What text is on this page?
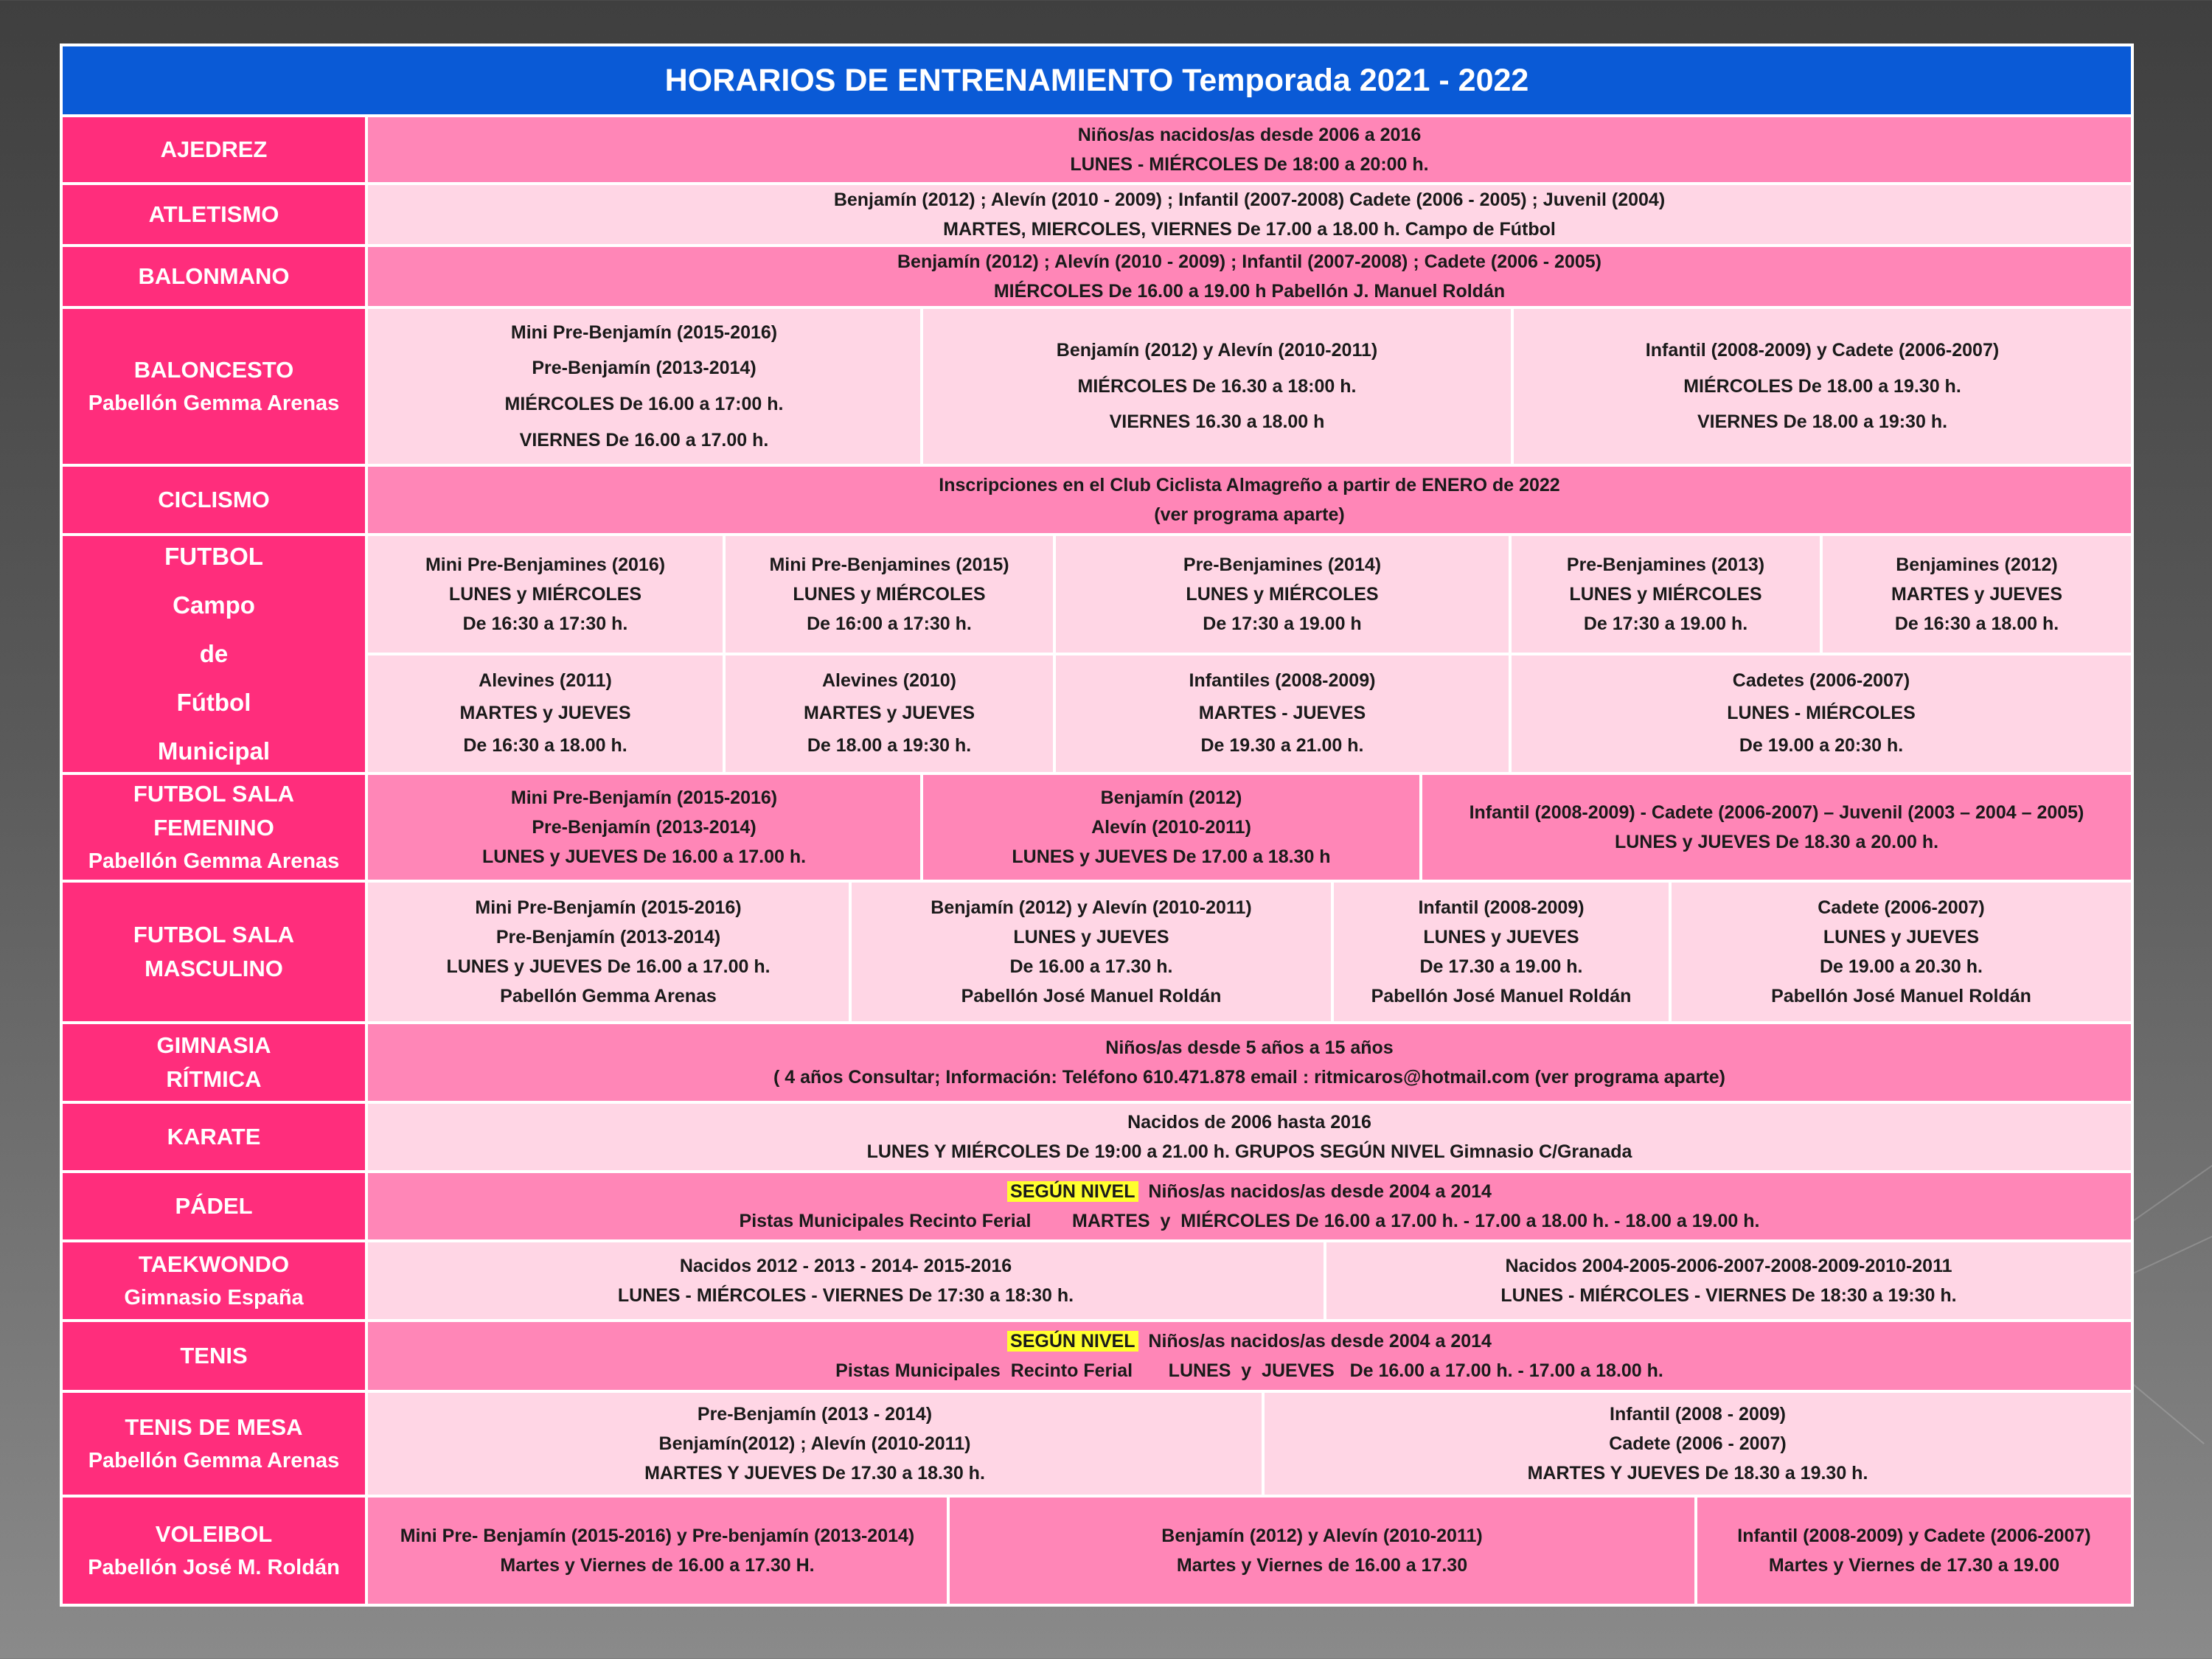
HORARIOS DE ENTRENAMIENTO Temporada 2021 - 2022
AJEDREZ
Niños/as nacidos/as desde 2006 a 2016
LUNES - MIÉRCOLES De 18:00 a 20:00 h.
ATLETISMO
Benjamín (2012) ; Alevín (2010 - 2009) ; Infantil (2007-2008) Cadete (2006 - 2005) ; Juvenil (2004)
MARTES, MIERCOLES, VIERNES De 17.00 a 18.00 h. Campo de Fútbol
BALONMANO
Benjamín (2012) ; Alevín (2010 - 2009) ; Infantil (2007-2008) ; Cadete (2006 - 2005)
MIÉRCOLES De 16.00 a 19.00 h Pabellón J. Manuel Roldán
BALONCESTO
Pabellón Gemma Arenas
Mini Pre-Benjamín (2015-2016)
Pre-Benjamín (2013-2014)
MIÉRCOLES De 16.00 a 17:00 h.
VIERNES De 16.00 a 17.00 h.
Benjamín (2012) y Alevín (2010-2011)
MIÉRCOLES De 16.30 a 18:00 h.
VIERNES 16.30 a 18.00 h
Infantil (2008-2009) y Cadete (2006-2007)
MIÉRCOLES De 18.00 a 19.30 h.
VIERNES De 18.00 a 19:30 h.
CICLISMO
Inscripciones en el Club Ciclista Almagreño a partir de ENERO de 2022
(ver programa aparte)
FUTBOL
Campo
de
Fútbol
Municipal
Mini Pre-Benjamines (2016)
LUNES y MIÉRCOLES
De 16:30 a 17:30 h.
Mini Pre-Benjamines (2015)
LUNES y MIÉRCOLES
De 16:00 a 17:30 h.
Pre-Benjamines (2014)
LUNES y MIÉRCOLES
De 17:30 a 19.00 h
Pre-Benjamines (2013)
LUNES y MIÉRCOLES
De 17:30 a 19.00 h.
Benjamines (2012)
MARTES y JUEVES
De 16:30 a 18.00 h.
Alevines (2011)
MARTES y JUEVES
De 16:30 a 18.00 h.
Alevines (2010)
MARTES y JUEVES
De 18.00 a 19:30 h.
Infantiles (2008-2009)
MARTES - JUEVES
De 19.30 a 21.00 h.
Cadetes (2006-2007)
LUNES - MIÉRCOLES
De 19.00 a 20:30 h.
FUTBOL SALA
FEMENINO
Pabellón Gemma Arenas
Mini Pre-Benjamín (2015-2016)
Pre-Benjamín (2013-2014)
LUNES y JUEVES De 16.00 a 17.00 h.
Benjamín (2012)
Alevín (2010-2011)
LUNES y JUEVES De 17.00 a 18.30 h
Infantil (2008-2009) - Cadete (2006-2007) – Juvenil (2003 – 2004 – 2005)
LUNES y JUEVES De 18.30 a 20.00 h.
FUTBOL SALA
MASCULINO
Mini Pre-Benjamín (2015-2016)
Pre-Benjamín (2013-2014)
LUNES y JUEVES De 16.00 a 17.00 h.
Pabellón Gemma Arenas
Benjamín (2012) y Alevín (2010-2011)
LUNES y JUEVES
De 16.00 a 17.30 h.
Pabellón José Manuel Roldán
Infantil (2008-2009)
LUNES y JUEVES
De 17.30 a 19.00 h.
Pabellón José Manuel Roldán
Cadete (2006-2007)
LUNES y JUEVES
De 19.00 a 20.30 h.
Pabellón José Manuel Roldán
GIMNASIA
RÍTMICA
Niños/as desde 5 años a 15 años
( 4 años Consultar; Información: Teléfono 610.471.878 email : ritmicaros@hotmail.com (ver programa aparte)
KARATE
Nacidos de 2006 hasta 2016
LUNES Y MIÉRCOLES De 19:00 a 21.00 h. GRUPOS SEGÚN NIVEL Gimnasio C/Granada
PÁDEL
SEGÚN NIVEL  Niños/as nacidos/as desde 2004 a 2014
Pistas Municipales Recinto Ferial        MARTES  y  MIÉRCOLES De 16.00 a 17.00 h. - 17.00 a 18.00 h. - 18.00 a 19.00 h.
TAEKWONDO
Gimnasio España
Nacidos 2012 - 2013 - 2014- 2015-2016
LUNES - MIÉRCOLES - VIERNES De 17:30 a 18:30 h.
Nacidos 2004-2005-2006-2007-2008-2009-2010-2011
LUNES - MIÉRCOLES - VIERNES De 18:30 a 19:30 h.
TENIS
SEGÚN NIVEL  Niños/as nacidos/as desde 2004 a 2014
Pistas Municipales  Recinto Ferial       LUNES  y  JUEVES   De 16.00 a 17.00 h. - 17.00 a 18.00 h.
TENIS DE MESA
Pabellón Gemma Arenas
Pre-Benjamín (2013 - 2014)
Benjamín(2012) ; Alevín (2010-2011)
MARTES Y JUEVES De 17.30 a 18.30 h.
Infantil (2008 - 2009)
Cadete (2006 - 2007)
MARTES Y JUEVES De 18.30 a 19.30 h.
VOLEIBOL
Pabellón José M. Roldán
Mini Pre- Benjamín (2015-2016) y Pre-benjamín (2013-2014)
Martes y Viernes de 16.00 a 17.30 H.
Benjamín (2012) y Alevín (2010-2011)
Martes y Viernes de 16.00 a 17.30
Infantil (2008-2009) y Cadete (2006-2007)
Martes y Viernes de 17.30 a 19.00
